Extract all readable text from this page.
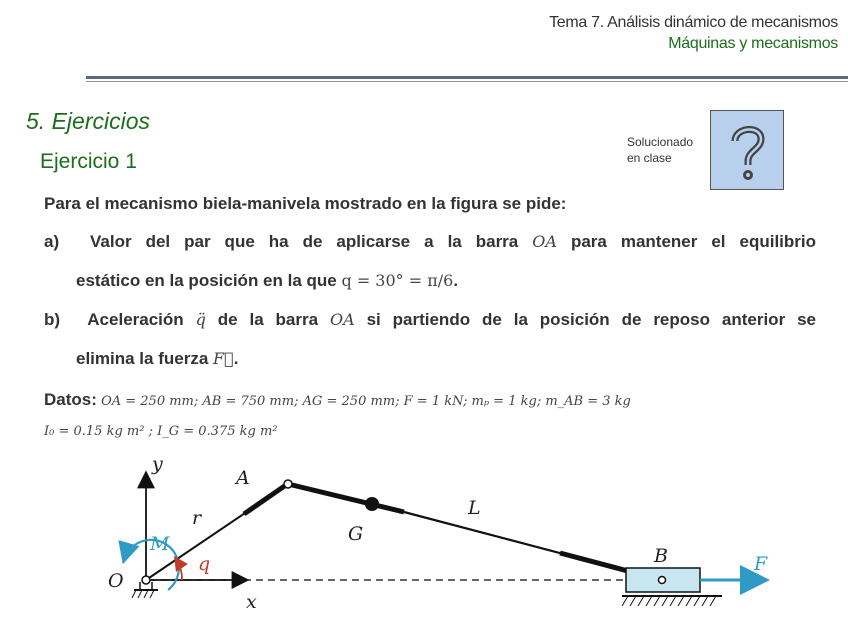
Tema 7. Análisis dinámico de mecanismos
Máquinas y mecanismos
5. Ejercicios
Ejercicio 1
Solucionado
en clase
Para el mecanismo biela-manivela mostrado en la figura se pide:
a) Valor del par que ha de aplicarse a la barra OA para mantener el equilibrio
estático en la posición en la que q = 30° = π/6.
b) Aceleración q̈ de la barra OA si partiendo de la posición de reposo anterior se
elimina la fuerza F⃗.
Datos: OA = 250 mm; AB = 750 mm; AG = 250 mm; F = 1 kN; mₚ = 1 kg; m_AB = 3 kg
I₀ = 0.15 kg m² ; I_G = 0.375 kg m²
y
x
O
A
r
G
L
B	F
M
q
